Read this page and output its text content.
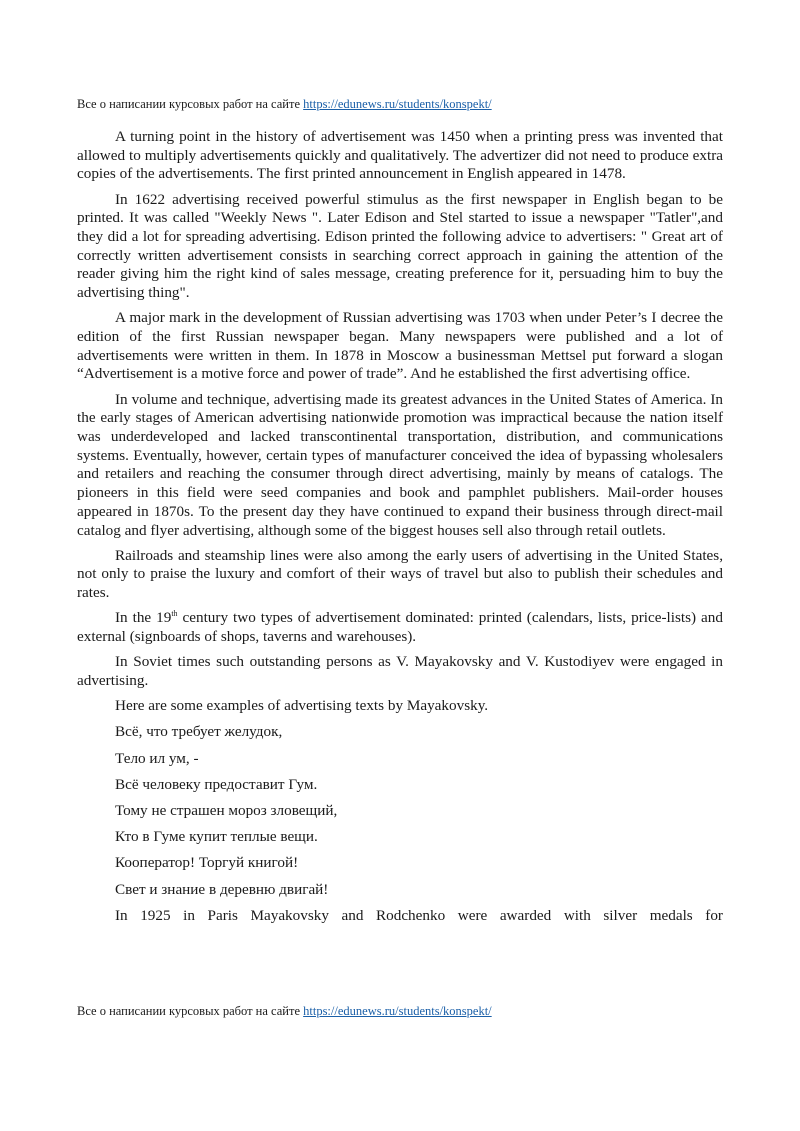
Все о написании курсовых работ на сайте https://edunews.ru/students/konspekt/

A turning point in the history of advertisement was 1450 when a printing press was invented that allowed to multiply advertisements quickly and qualitatively. The advertizer did not need to produce extra copies of the advertisements. The first printed announcement in English appeared in 1478.

In 1622 advertising received powerful stimulus as the first newspaper in English began to be printed. It was called "Weekly News ". Later Edison and Stel started to issue a newspaper "Tatler",and they did a lot for spreading advertising. Edison printed the following advice to advertisers: " Great art of correctly written advertisement consists in searching correct approach in gaining the attention of the reader giving him the right kind of sales message, creating preference for it, persuading him to buy the advertising thing".

A major mark in the development of Russian advertising was 1703 when under Peter’s I decree the edition of the first Russian newspaper began. Many newspapers were published and a lot of advertisements were written in them. In 1878 in Moscow a businessman Mettsel put forward a slogan “Advertisement is a motive force and power of trade”. And he established the first advertising office.

In volume and technique, advertising made its greatest advances in the United States of America. In the early stages of American advertising nationwide promotion was impractical because the nation itself was underdeveloped and lacked transcontinental transportation, distribution, and communications systems. Eventually, however, certain types of manufacturer conceived the idea of bypassing wholesalers and retailers and reaching the consumer through direct advertising, mainly by means of catalogs. The pioneers in this field were seed companies and book and pamphlet publishers. Mail-order houses appeared in 1870s. To the present day they have continued to expand their business through direct-mail catalog and flyer advertising, although some of the biggest houses sell also through retail outlets.

Railroads and steamship lines were also among the early users of advertising in the United States, not only to praise the luxury and comfort of their ways of travel but also to publish their schedules and rates.

In the 19th century two types of advertisement dominated: printed (calendars, lists, price-lists) and external (signboards of shops, taverns and warehouses).

In Soviet times such outstanding persons as V. Mayakovsky and V. Kustodiyev were engaged in advertising.

Here are some examples of advertising texts by Mayakovsky.

Всё, что требует желудок,

Тело ил ум, -

Всё человеку предоставит Гум.

Тому не страшен мороз зловещий,

Кто в Гуме купит теплые вещи.

Кооператор! Торгуй книгой!

Свет и знание в деревню двигай!

In 1925 in Paris Mayakovsky and Rodchenko were awarded with silver medals for

Все о написании курсовых работ на сайте https://edunews.ru/students/konspekt/
